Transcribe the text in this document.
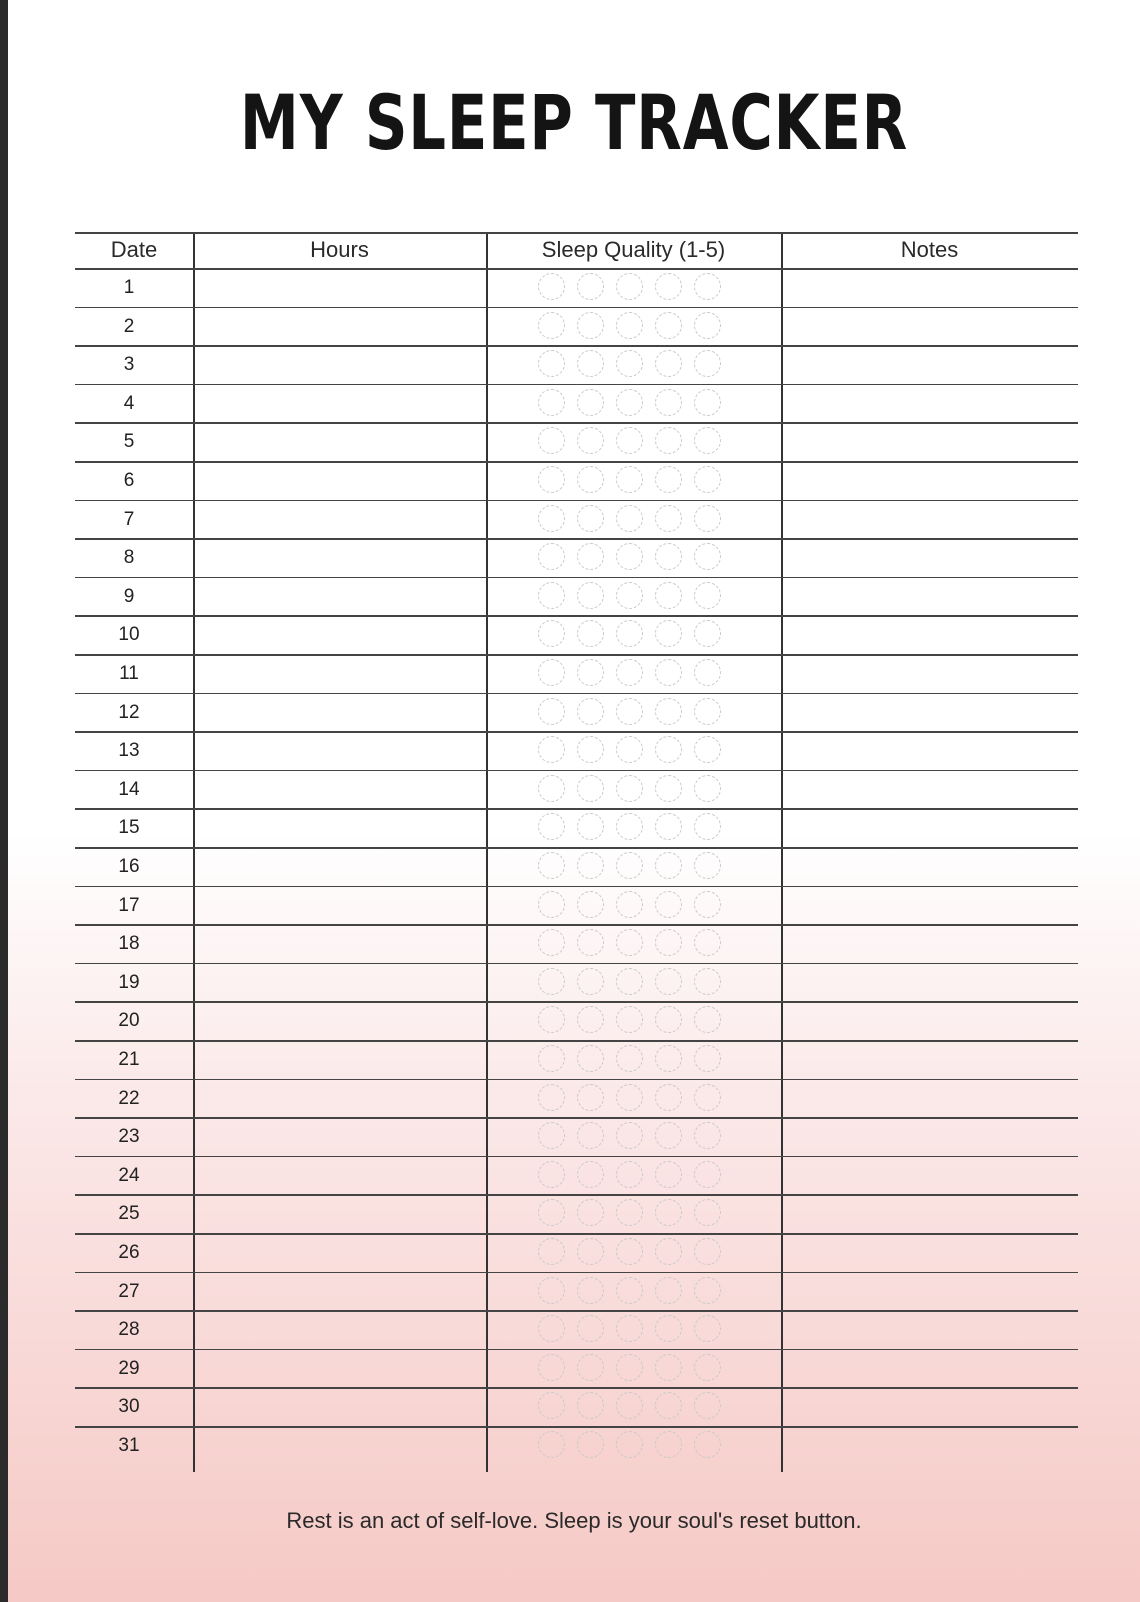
MY SLEEP TRACKER
Date	Hours	Sleep Quality (1-5)	Notes
1
2
3
4
5
6
7
8
9
10
11
12
13
14
15
16
17
18
19
20
21
22
23
24
25
26
27
28
29
30
31
Rest is an act of self-love. Sleep is your soul's reset button.
